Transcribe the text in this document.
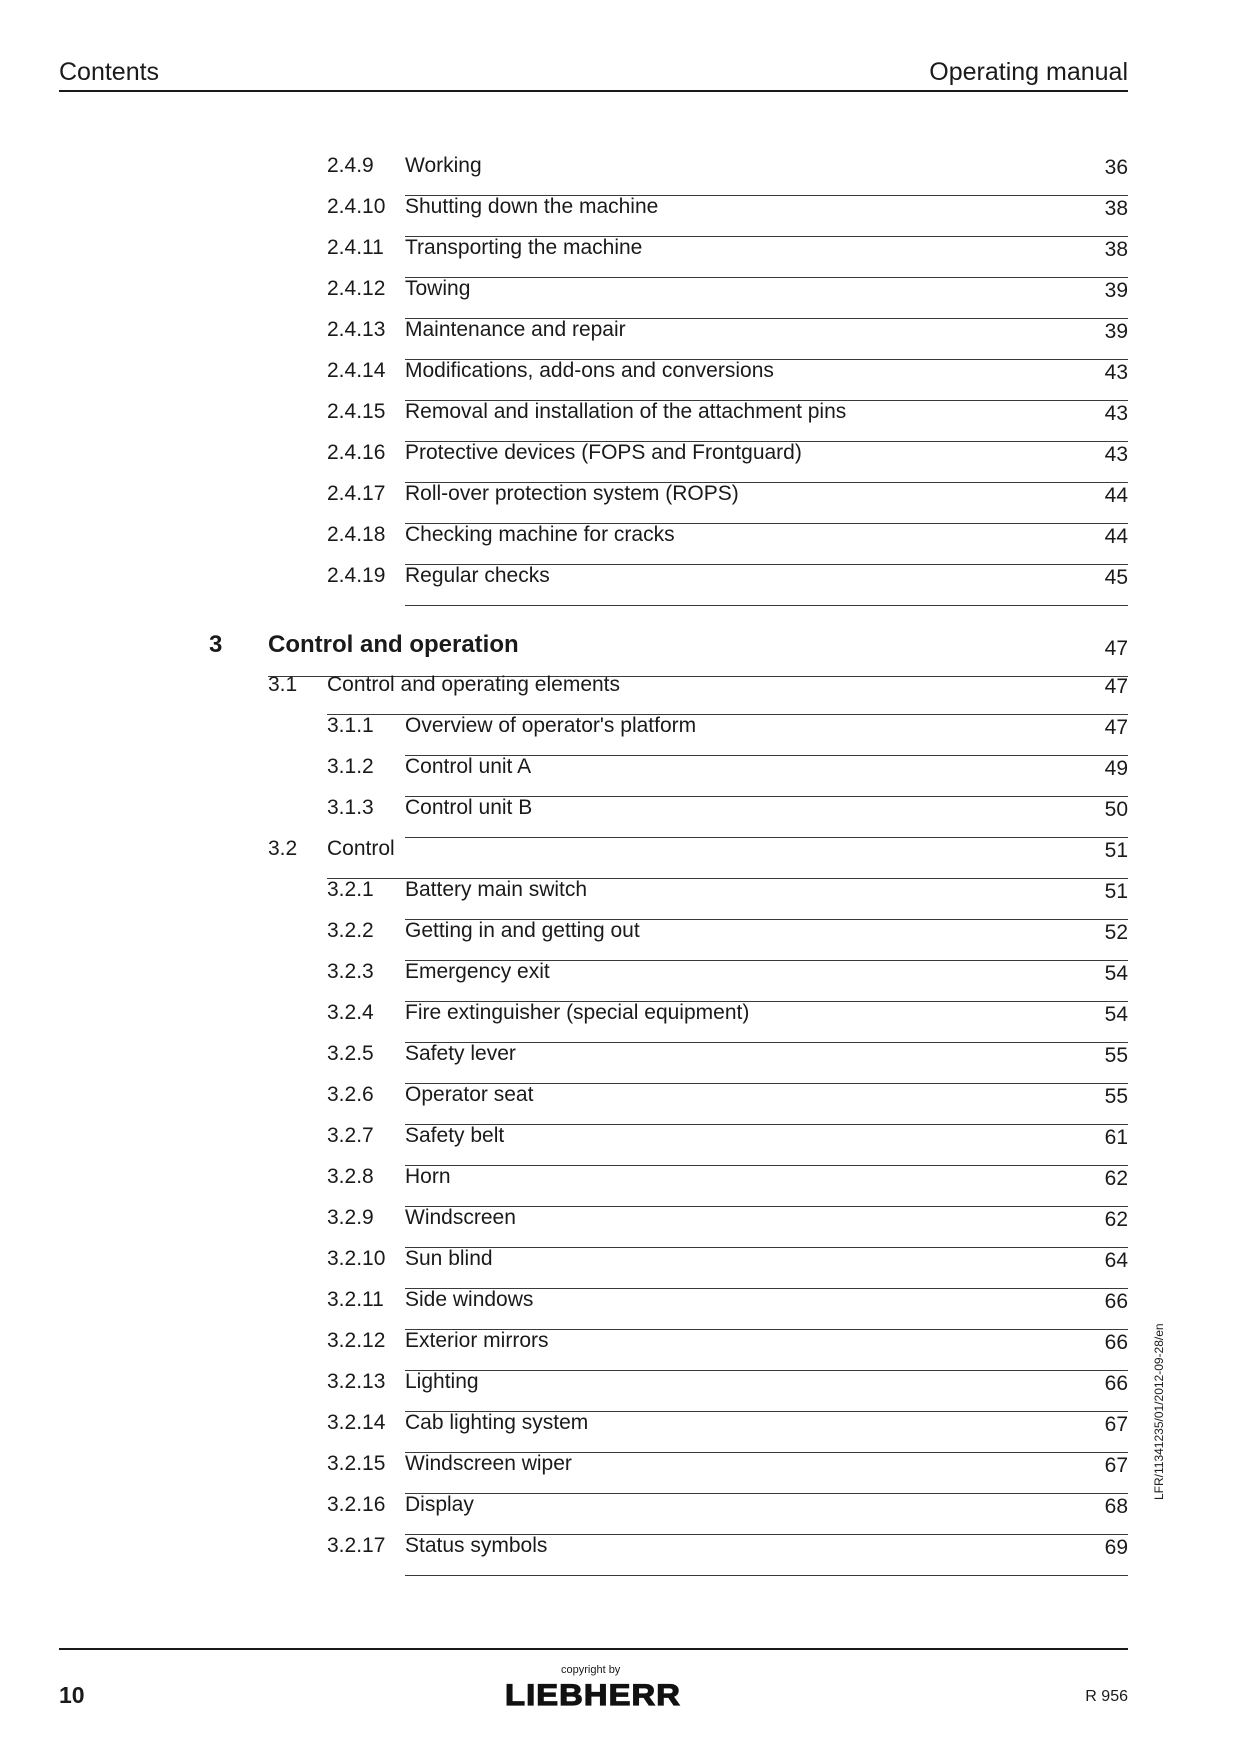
Contents	Operating manual
2.4.9 Working	36
2.4.10 Shutting down the machine	38
2.4.11 Transporting the machine	38
2.4.12 Towing	39
2.4.13 Maintenance and repair	39
2.4.14 Modifications, add-ons and conversions	43
2.4.15 Removal and installation of the attachment pins	43
2.4.16 Protective devices (FOPS and Frontguard)	43
2.4.17 Roll-over protection system (ROPS)	44
2.4.18 Checking machine for cracks	44
2.4.19 Regular checks	45
3 Control and operation	47
3.1 Control and operating elements	47
3.1.1 Overview of operator's platform	47
3.1.2 Control unit A	49
3.1.3 Control unit B	50
3.2 Control	51
3.2.1 Battery main switch	51
3.2.2 Getting in and getting out	52
3.2.3 Emergency exit	54
3.2.4 Fire extinguisher (special equipment)	54
3.2.5 Safety lever	55
3.2.6 Operator seat	55
3.2.7 Safety belt	61
3.2.8 Horn	62
3.2.9 Windscreen	62
3.2.10 Sun blind	64
3.2.11 Side windows	66
3.2.12 Exterior mirrors	66
3.2.13 Lighting	66
3.2.14 Cab lighting system	67
3.2.15 Windscreen wiper	67
3.2.16 Display	68
3.2.17 Status symbols	69
LFR/11341235/01/2012-09-28/en
10
copyright by
LIEBHERR	R 956
